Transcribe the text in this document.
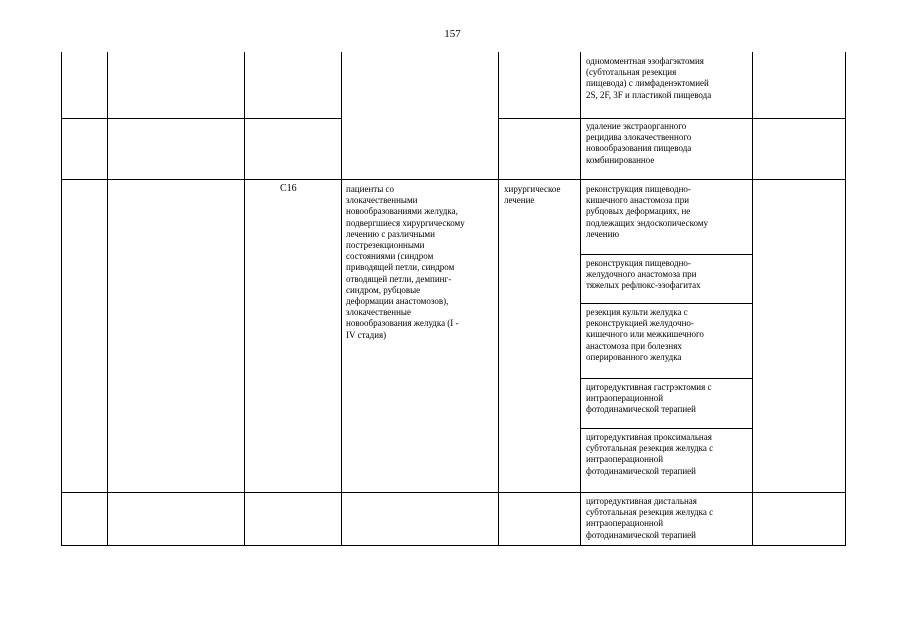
157
одномоментная эзофагэктомия
(субтотальная резекция
пищевода) с лимфаденэктомией
2S, 2F, 3F и пластикой пищевода
удаление экстраорганного
рецидива злокачественного
новообразования пищевода
комбинированное
C16	пациенты со
злокачественными
новообразованиями желудка,
подвергшиеся хирургическому
лечению с различными
пострезекционными
состояниями (синдром
приводящей петли, синдром
отводящей петли, демпинг-
синдром, рубцовые
деформации анастомозов),
злокачественные
новообразования желудка (I -
IV стадия)
хирургическое
лечение
реконструкция пищеводно-
кишечного анастомоза при
рубцовых деформациях, не
подлежащих эндоскопическому
лечению
реконструкция пищеводно-
желудочного анастомоза при
тяжелых рефлюкс-эзофагитах
резекция культи желудка с
реконструкцией желудочно-
кишечного или межкишечного
анастомоза при болезнях
оперированного желудка
циторедуктивная гастрэктомия с
интраоперационной
фотодинамической терапией
циторедуктивная проксимальная
субтотальная резекция желудка с
интраоперационной
фотодинамической терапией
циторедуктивная дистальная
субтотальная резекция желудка с
интраоперационной
фотодинамической терапией
